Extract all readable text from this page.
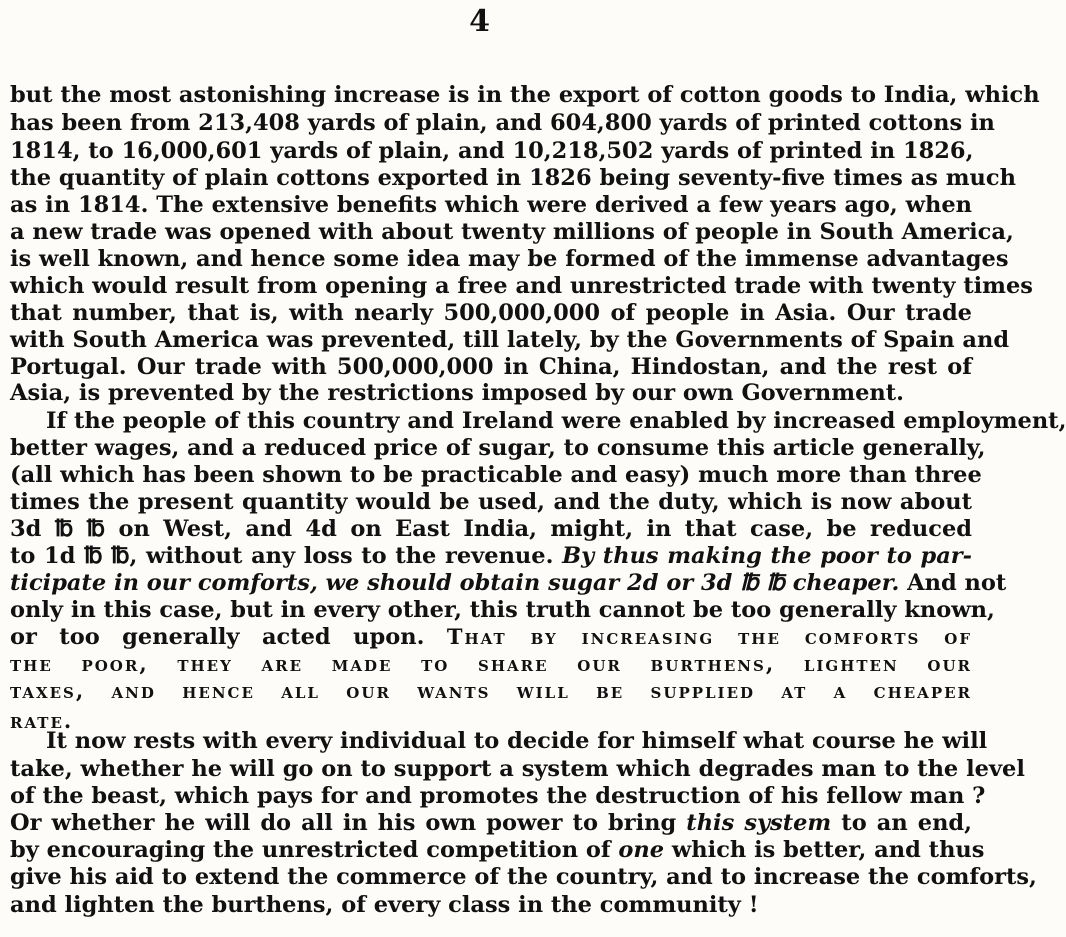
4
but the most astonishing increase is in the export of cotton goods to India, which
has been from 213,408 yards of plain, and 604,800 yards of printed cottons in
1814, to 16,000,601 yards of plain, and 10,218,502 yards of printed in 1826,
the quantity of plain cottons exported in 1826 being seventy-five times as much
as in 1814. The extensive benefits which were derived a few years ago, when
a new trade was opened with about twenty millions of people in South America,
is well known, and hence some idea may be formed of the immense advantages
which would result from opening a free and unrestricted trade with twenty times
that number, that is, with nearly 500,000,000 of people in Asia. Our trade
with South America was prevented, till lately, by the Governments of Spain and
Portugal. Our trade with 500,000,000 in China, Hindostan, and the rest of
Asia, is prevented by the restrictions imposed by our own Government.
If the people of this country and Ireland were enabled by increased employment,
better wages, and a reduced price of sugar, to consume this article generally,
(all which has been shown to be practicable and easy) much more than three
times the present quantity would be used, and the duty, which is now about
3d ℔ ℔ on West, and 4d on East India, might, in that case, be reduced
to 1d ℔ ℔, without any loss to the revenue. By thus making the poor to par-
ticipate in our comforts, we should obtain sugar 2d or 3d ℔ ℔ cheaper. And not
only in this case, but in every other, this truth cannot be too generally known,
or too generally acted upon. That by increasing the comforts of
the poor, they are made to share our burthens, lighten our
taxes, and hence all our wants will be supplied at a cheaper
rate.
It now rests with every individual to decide for himself what course he will
take, whether he will go on to support a system which degrades man to the level
of the beast, which pays for and promotes the destruction of his fellow man ?
Or whether he will do all in his own power to bring this system to an end,
by encouraging the unrestricted competition of one which is better, and thus
give his aid to extend the commerce of the country, and to increase the comforts,
and lighten the burthens, of every class in the community !
